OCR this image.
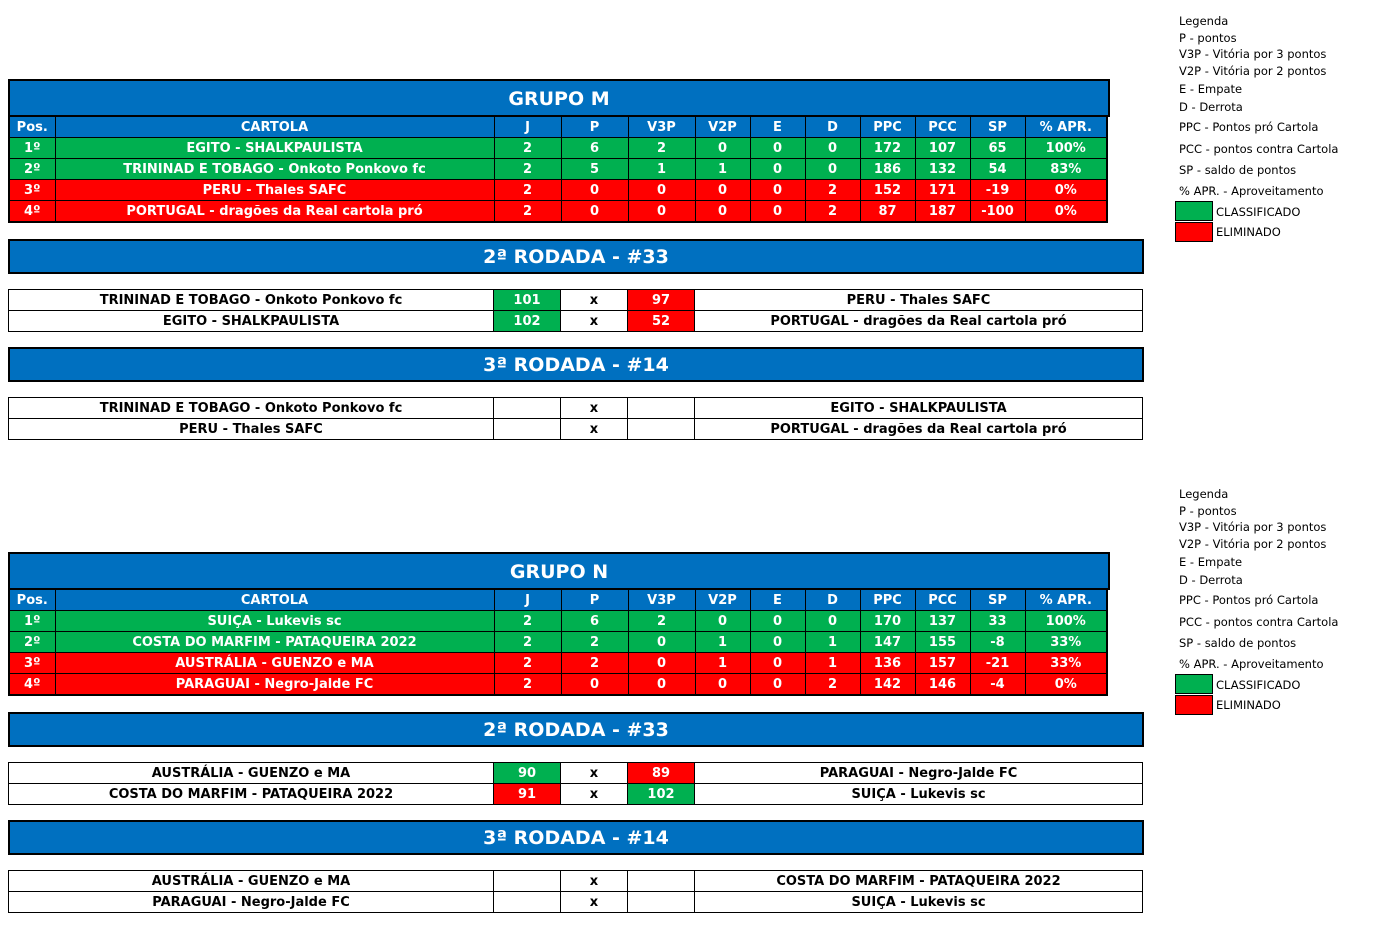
GRUPO M
Pos.	CARTOLA	J	P	V3P	V2P	E	D	PPC	PCC	SP	% APR.
1º	EGITO - SHALKPAULISTA	2	6	2	0	0	0	172	107	65	100%
2º	TRININAD E TOBAGO - Onkoto Ponkovo fc	2	5	1	1	0	0	186	132	54	83%
3º	PERU - Thales SAFC	2	0	0	0	0	2	152	171	-19	0%
4º	PORTUGAL - dragões da Real cartola pró	2	0	0	0	0	2	87	187	-100	0%
2ª RODADA - #33
TRININAD E TOBAGO - Onkoto Ponkovo fc	101	x	97	PERU - Thales SAFC
EGITO - SHALKPAULISTA	102	x	52	PORTUGAL - dragões da Real cartola pró
3ª RODADA - #14
TRININAD E TOBAGO - Onkoto Ponkovo fc		x		EGITO - SHALKPAULISTA
PERU - Thales SAFC		x		PORTUGAL - dragões da Real cartola pró
Legenda
P - pontos
V3P - Vitória por 3 pontos
V2P - Vitória por 2 pontos
E - Empate
D - Derrota
PPC - Pontos pró Cartola
PCC - pontos contra Cartola
SP - saldo de pontos
% APR. - Aproveitamento
CLASSIFICADO
ELIMINADO
GRUPO N
Pos.	CARTOLA	J	P	V3P	V2P	E	D	PPC	PCC	SP	% APR.
1º	SUIÇA - Lukevis sc	2	6	2	0	0	0	170	137	33	100%
2º	COSTA DO MARFIM - PATAQUEIRA 2022	2	2	0	1	0	1	147	155	-8	33%
3º	AUSTRÁLIA - GUENZO e MA	2	2	0	1	0	1	136	157	-21	33%
4º	PARAGUAI - Negro-Jalde FC	2	0	0	0	0	2	142	146	-4	0%
2ª RODADA - #33
AUSTRÁLIA - GUENZO e MA	90	x	89	PARAGUAI - Negro-Jalde FC
COSTA DO MARFIM - PATAQUEIRA 2022	91	x	102	SUIÇA - Lukevis sc
3ª RODADA - #14
AUSTRÁLIA - GUENZO e MA		x		COSTA DO MARFIM - PATAQUEIRA 2022
PARAGUAI - Negro-Jalde FC		x		SUIÇA - Lukevis sc
Legenda
P - pontos
V3P - Vitória por 3 pontos
V2P - Vitória por 2 pontos
E - Empate
D - Derrota
PPC - Pontos pró Cartola
PCC - pontos contra Cartola
SP - saldo de pontos
% APR. - Aproveitamento
CLASSIFICADO
ELIMINADO
